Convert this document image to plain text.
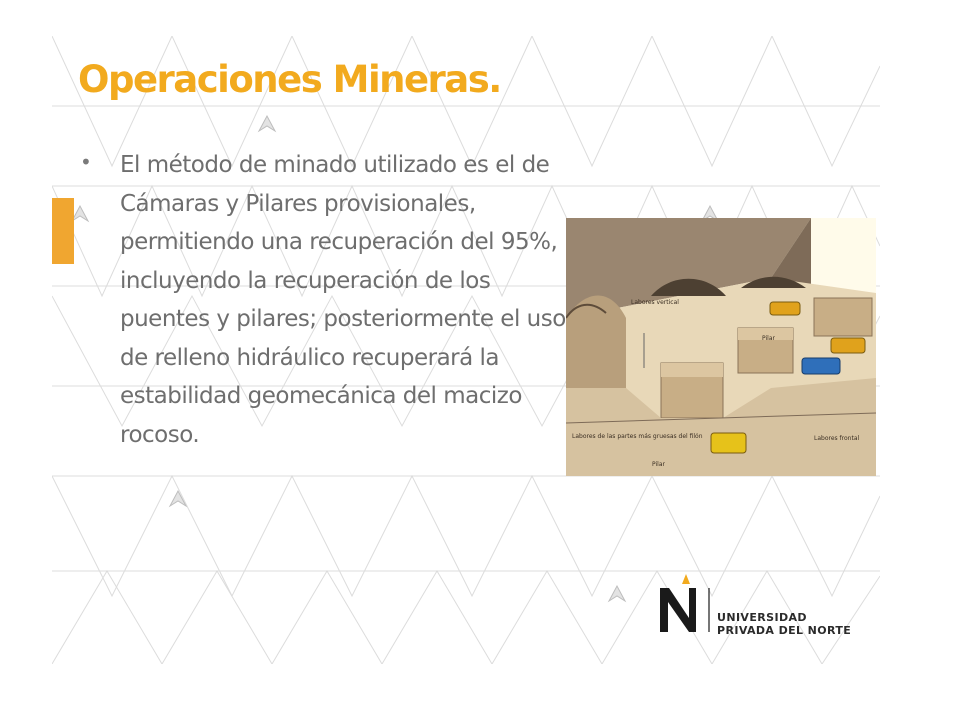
Operaciones Mineras.
• El método de minado utilizado es el de Cámaras y Pilares provisionales, permitiendo una recuperación del 95%, incluyendo la recuperación de los puentes y pilares; posteriormente el uso de relleno hidráulico recuperará la estabilidad geomecánica del macizo rocoso.

Labores vertical
Pilar
Pilar
Labores frontal
Labores de las partes más gruesas del filón
UNIVERSIDAD
PRIVADA DEL NORTE
